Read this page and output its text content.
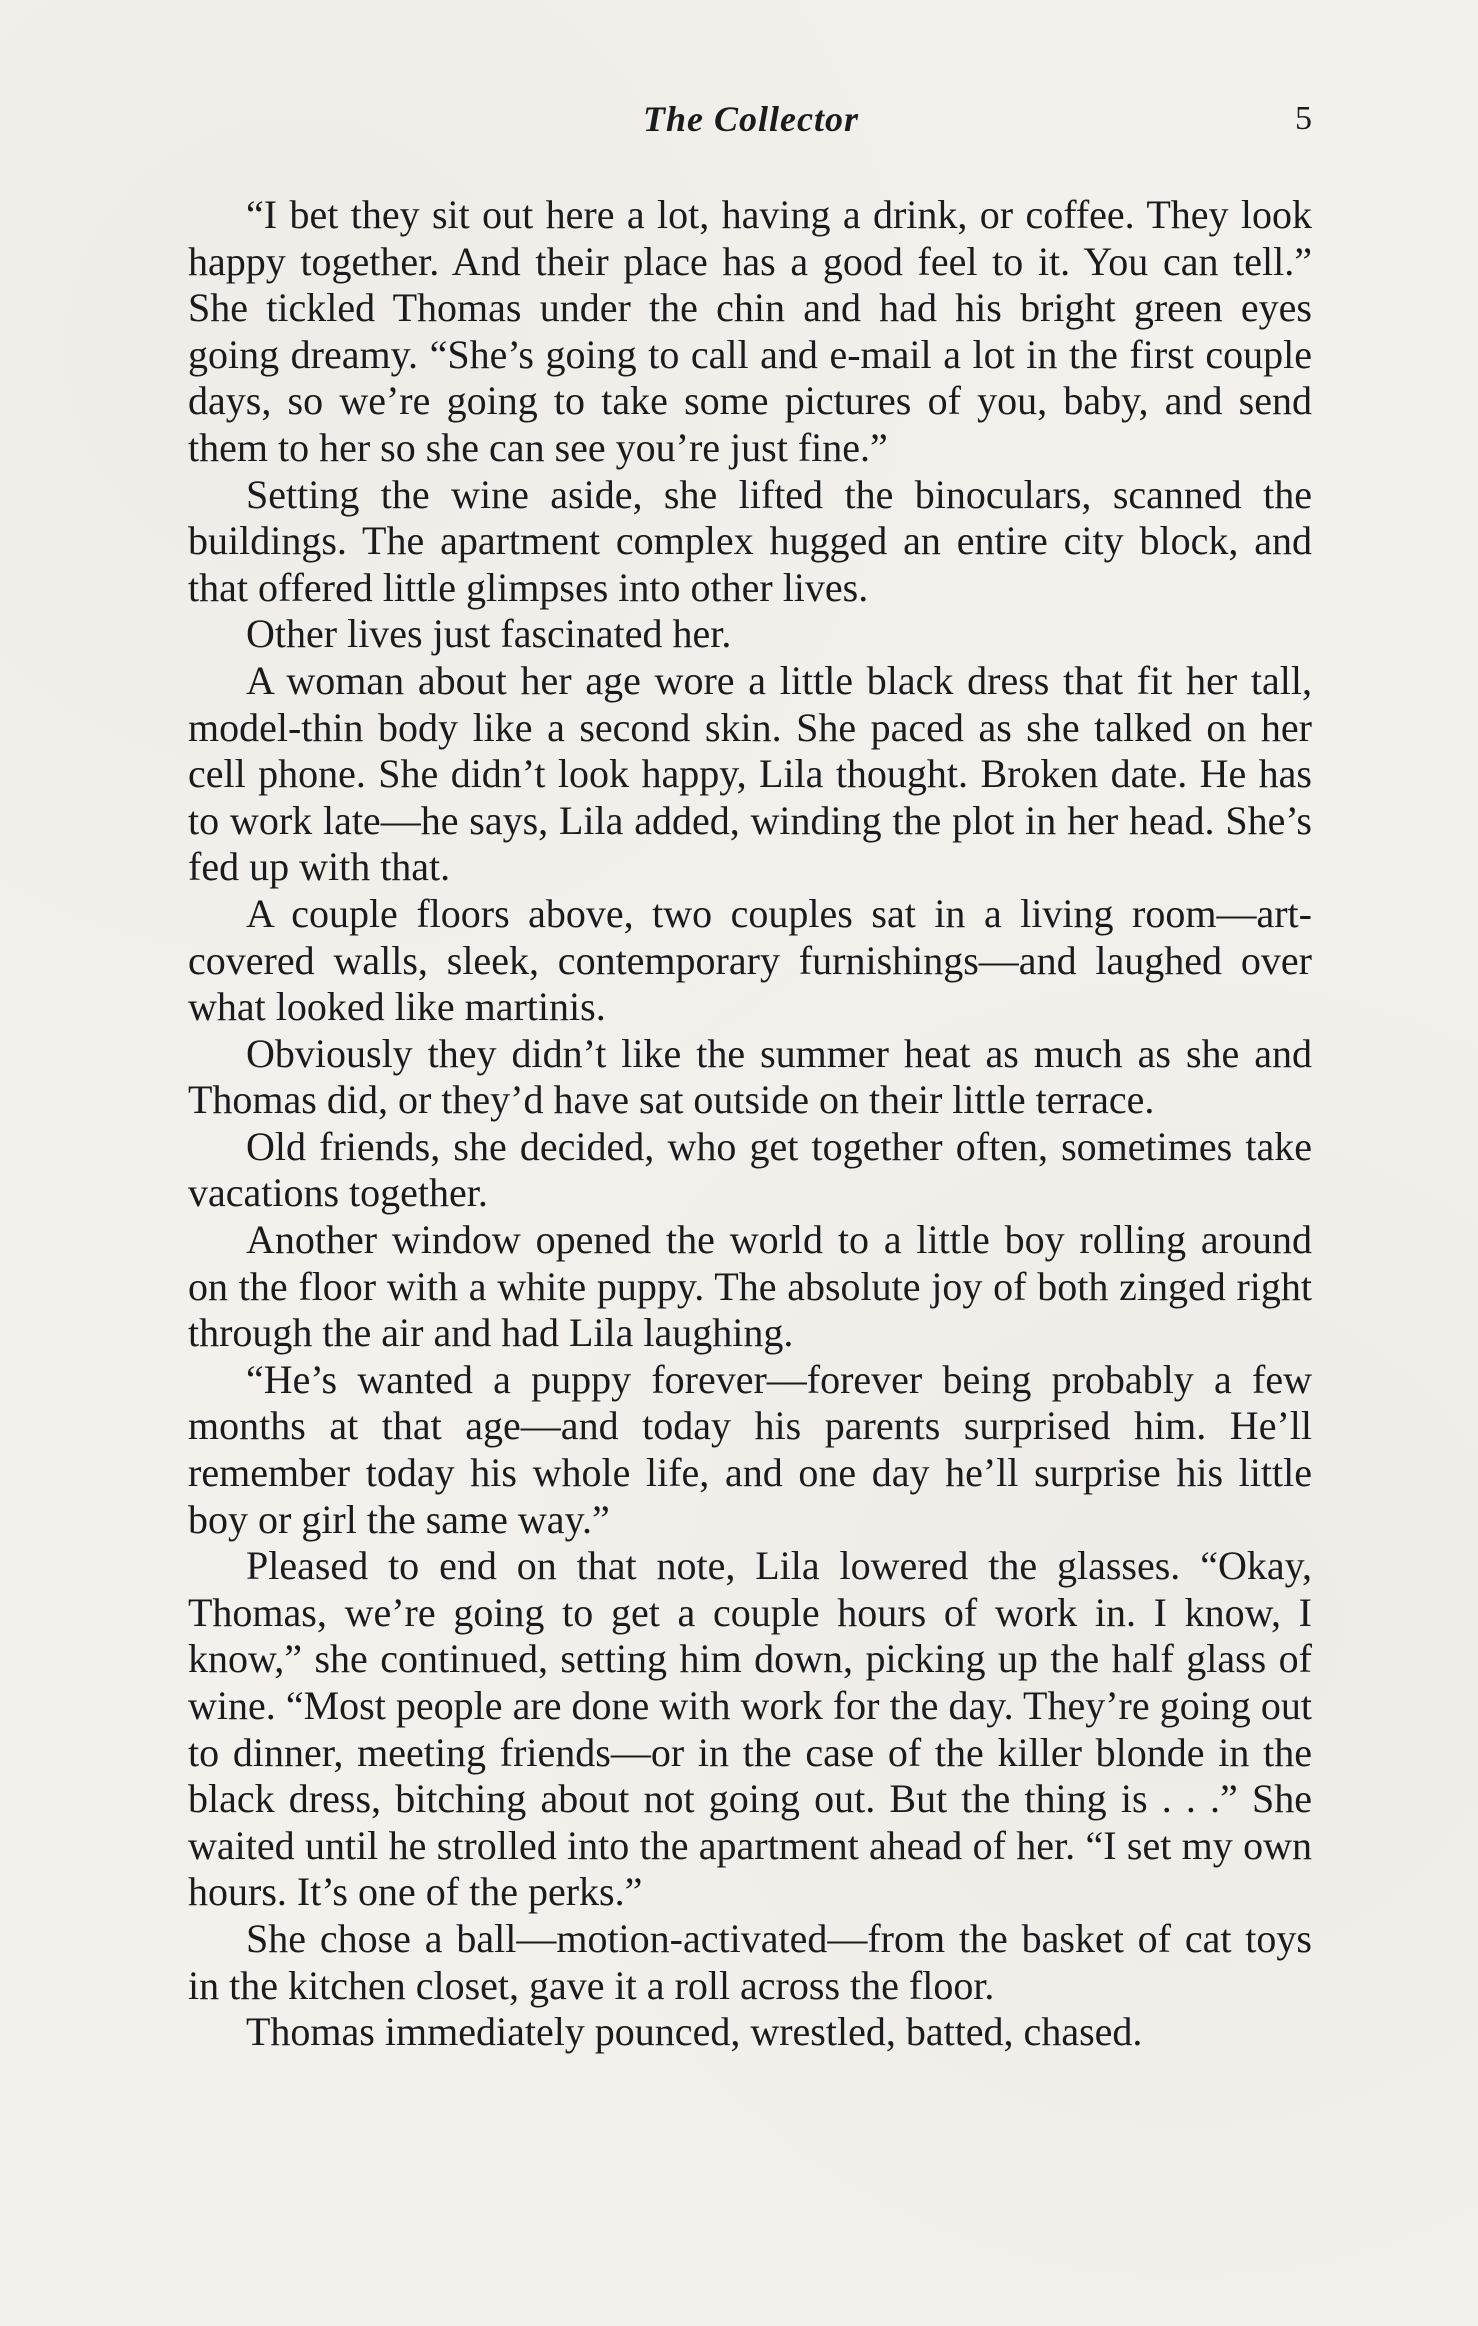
The Collector	5

“I bet they sit out here a lot, having a drink, or coffee. They look happy together. And their place has a good feel to it. You can tell.” She tickled Thomas under the chin and had his bright green eyes going dreamy. “She’s going to call and e-mail a lot in the first couple days, so we’re going to take some pictures of you, baby, and send them to her so she can see you’re just fine.”

Setting the wine aside, she lifted the binoculars, scanned the buildings. The apartment complex hugged an entire city block, and that offered little glimpses into other lives.

Other lives just fascinated her.

A woman about her age wore a little black dress that fit her tall, model-thin body like a second skin. She paced as she talked on her cell phone. She didn’t look happy, Lila thought. Broken date. He has to work late—he says, Lila added, winding the plot in her head. She’s fed up with that.

A couple floors above, two couples sat in a living room—art-covered walls, sleek, contemporary furnishings—and laughed over what looked like martinis.

Obviously they didn’t like the summer heat as much as she and Thomas did, or they’d have sat outside on their little terrace.

Old friends, she decided, who get together often, sometimes take vacations together.

Another window opened the world to a little boy rolling around on the floor with a white puppy. The absolute joy of both zinged right through the air and had Lila laughing.

“He’s wanted a puppy forever—forever being probably a few months at that age—and today his parents surprised him. He’ll remember today his whole life, and one day he’ll surprise his little boy or girl the same way.”

Pleased to end on that note, Lila lowered the glasses. “Okay, Thomas, we’re going to get a couple hours of work in. I know, I know,” she continued, setting him down, picking up the half glass of wine. “Most people are done with work for the day. They’re going out to dinner, meeting friends—or in the case of the killer blonde in the black dress, bitching about not going out. But the thing is . . .” She waited until he strolled into the apartment ahead of her. “I set my own hours. It’s one of the perks.”

She chose a ball—motion-activated—from the basket of cat toys in the kitchen closet, gave it a roll across the floor.

Thomas immediately pounced, wrestled, batted, chased.
